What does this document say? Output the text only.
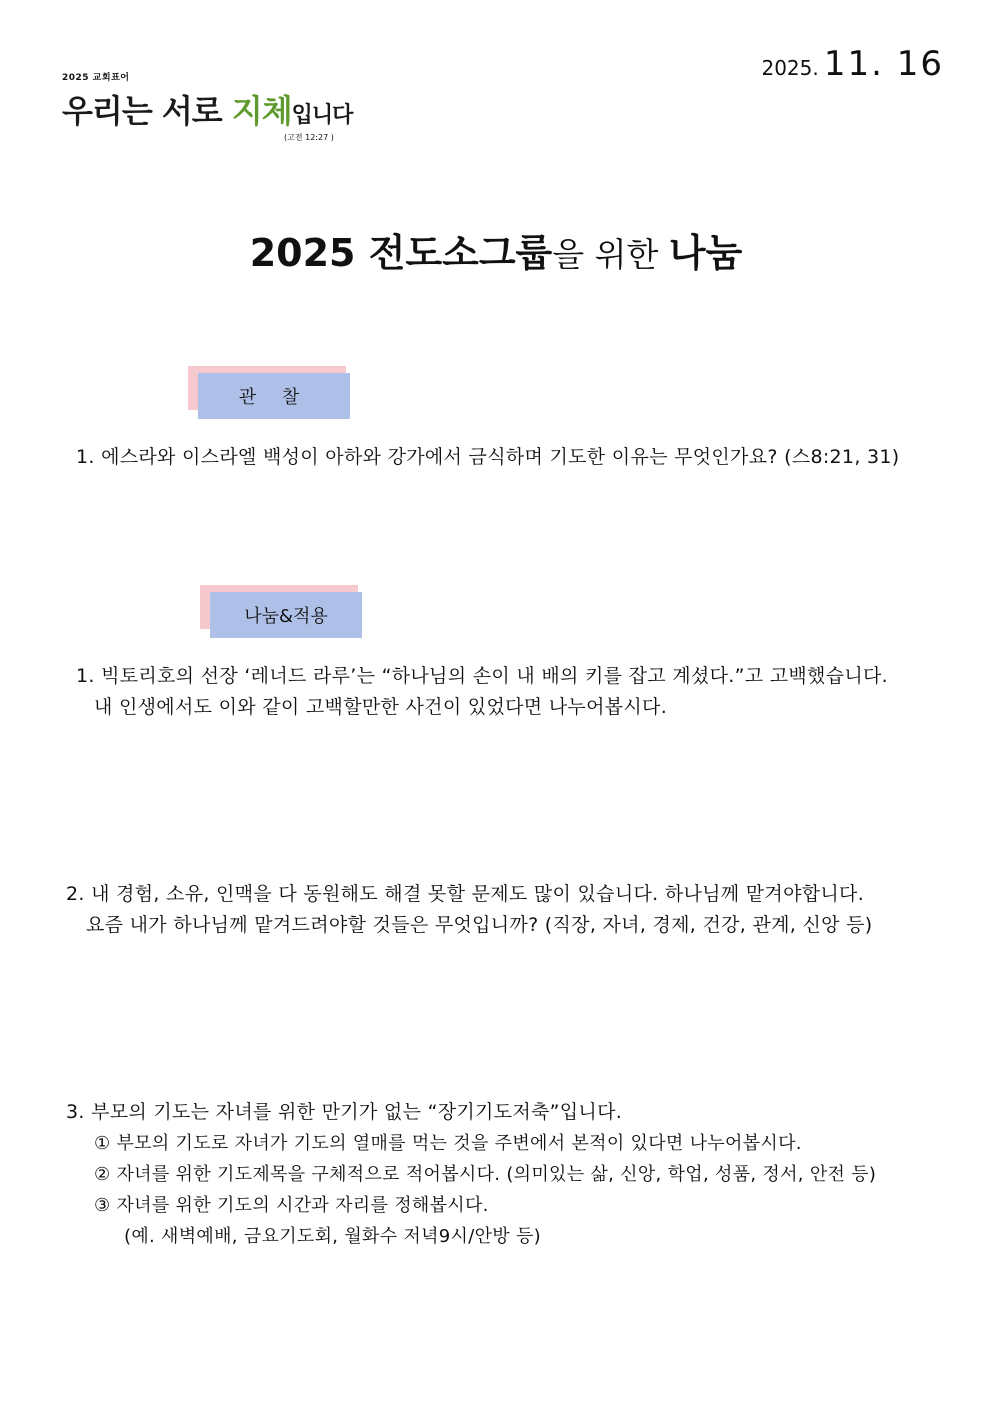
2025 교회표어
우리는 서로 지체입니다
(고전 12:27 )
2025. 11. 16
2025 전도소그룹을 위한 나눔
관 찰
1. 에스라와 이스라엘 백성이 아하와 강가에서 금식하며 기도한 이유는 무엇인가요? (스8:21, 31)
나눔&적용
1. 빅토리호의 선장 ‘레너드 라루’는 “하나님의 손이 내 배의 키를 잡고 계셨다.”고 고백했습니다.
내 인생에서도 이와 같이 고백할만한 사건이 있었다면 나누어봅시다.
2. 내 경험, 소유, 인맥을 다 동원해도 해결 못할 문제도 많이 있습니다. 하나님께 맡겨야합니다.
요즘 내가 하나님께 맡겨드려야할 것들은 무엇입니까? (직장, 자녀, 경제, 건강, 관계, 신앙 등)
3. 부모의 기도는 자녀를 위한 만기가 없는 “장기기도저축”입니다.
① 부모의 기도로 자녀가 기도의 열매를 먹는 것을 주변에서 본적이 있다면 나누어봅시다.
② 자녀를 위한 기도제목을 구체적으로 적어봅시다. (의미있는 삶, 신앙, 학업, 성품, 정서, 안전 등)
③ 자녀를 위한 기도의 시간과 자리를 정해봅시다.
(예. 새벽예배, 금요기도회, 월화수 저녁9시/안방 등)
